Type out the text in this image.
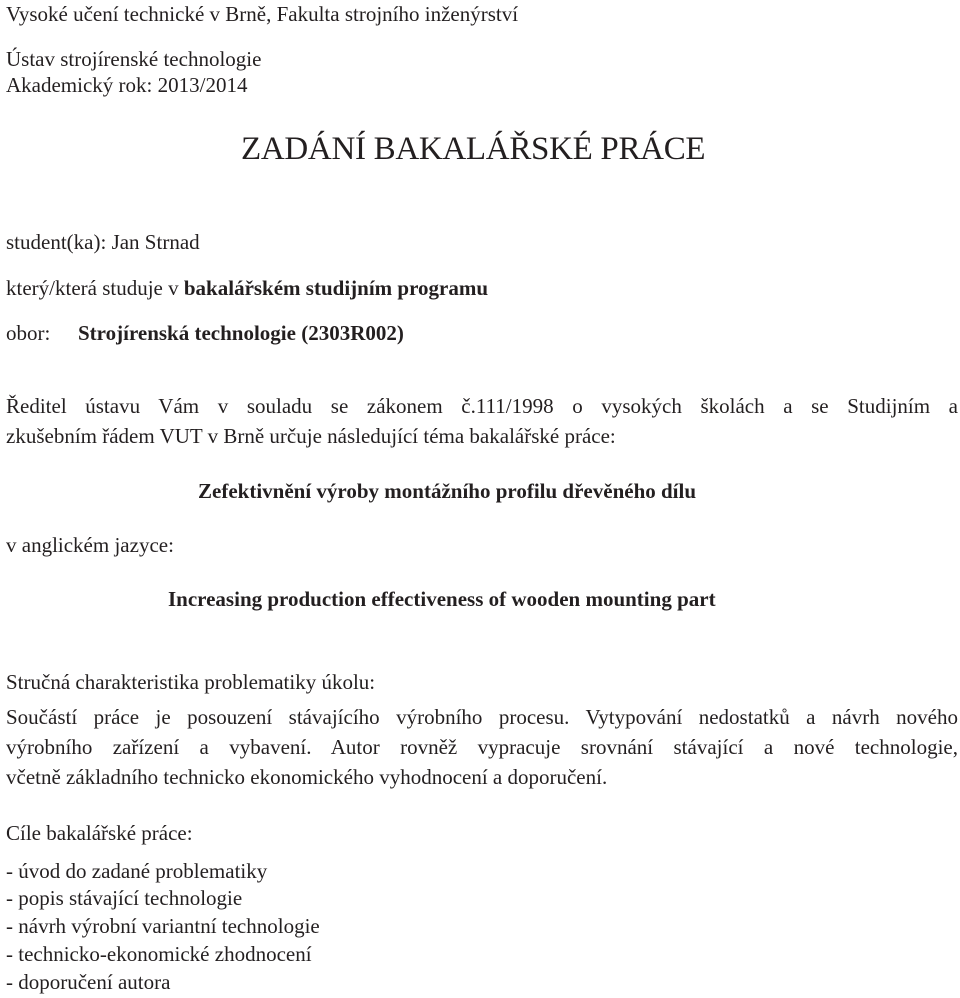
Vysoké učení technické v Brně, Fakulta strojního inženýrství
Ústav strojírenské technologie
Akademický rok: 2013/2014
ZADÁNÍ BAKALÁŘSKÉ PRÁCE
student(ka): Jan Strnad
který/která studuje v bakalářském studijním programu
obor: Strojírenská technologie (2303R002)

Ředitel ústavu Vám v souladu se zákonem č.111/1998 o vysokých školách a se Studijním a

zkušebním řádem VUT v Brně určuje následující téma bakalářské práce:

Zefektivnění výroby montážního profilu dřevěného dílu
v anglickém jazyce:
Increasing production effectiveness of wooden mounting part
Stručná charakteristika problematiky úkolu:

Součástí práce je posouzení stávajícího výrobního procesu. Vytypování nedostatků a návrh nového

výrobního zařízení a vybavení. Autor rovněž vypracuje srovnání stávající a nové technologie,

včetně základního technicko ekonomického vyhodnocení a doporučení.

Cíle bakalářské práce:
- úvod do zadané problematiky
- popis stávající technologie
- návrh výrobní variantní technologie
- technicko-ekonomické zhodnocení
- doporučení autora
